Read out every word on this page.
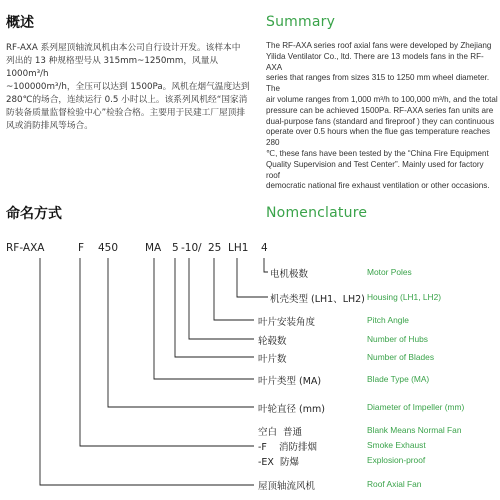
概述	Summary
RF-AXA 系列屋顶轴流风机由本公司自行设计开发。该样本中
列出的 13 种规格型号从 315mm~1250mm，风量从 1000m³/h
~100000m³/h，全压可以达到 1500Pa。风机在烟气温度达到
280℃的场合，连续运行 0.5 小时以上。该系列风机经“国家消
防装备质量监督检验中心”检验合格。主要用于民建工厂屋顶排
风或消防排风等场合。
The RF-AXA series roof axial fans were developed by Zhejiang
Yilida Ventilator Co., ltd. There are 13 models fans in the RF-AXA
series that ranges from sizes 315 to 1250 mm wheel diameter. The
air volume ranges from 1,000 m³/h to 100,000 m³/h, and the total
pressure can be achieved 1500Pa. RF-AXA series fan units are
dual-purpose fans (standard and fireproof ) they can continuous
operate over 0.5 hours when the flue gas temperature reaches 280
℃, these fans have been tested by the “China Fire Equipment
Quality Supervision and Test Center”. Mainly used for factory roof
democratic national fire exhaust ventilation or other occasions.
命名方式	Nomenclature
RF-AXA	F 450	MA 5 -10 / 25 LH1 4
电机极数	Motor Poles
机壳类型 (LH1、LH2) Housing (LH1, LH2)
叶片安装角度	Pitch Angle
轮毂数	Number of Hubs
叶片数	Number of Blades
叶片类型 (MA)	Blade Type (MA)
叶轮直径 (mm)	Diameter of Impeller (mm)
空白  普通	Blank Means Normal Fan
-F    消防排烟	Smoke Exhaust
-EX  防爆	Explosion-proof
屋顶轴流风机	Roof Axial Fan
